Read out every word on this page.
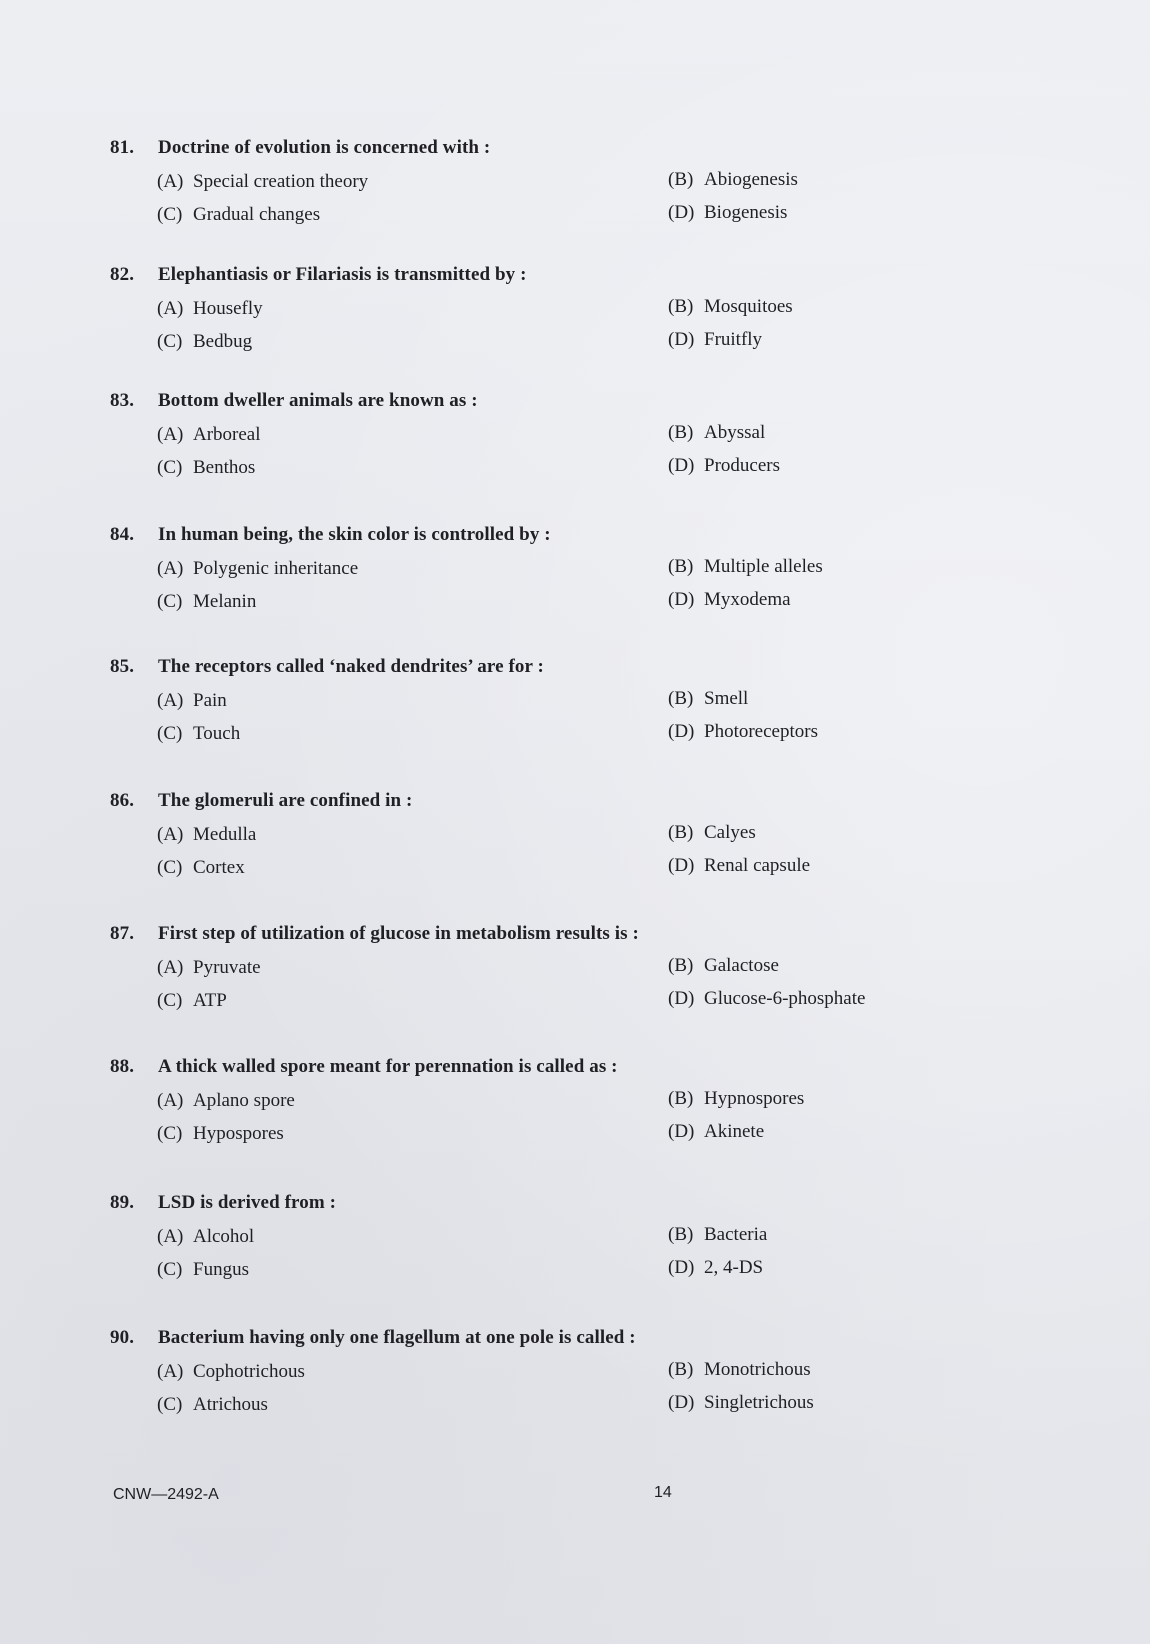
81. Doctrine of evolution is concerned with :
(A) Special creation theory	(B) Abiogenesis
(C) Gradual changes	(D) Biogenesis
82. Elephantiasis or Filariasis is transmitted by :
(A) Housefly	(B) Mosquitoes
(C) Bedbug	(D) Fruitfly
83. Bottom dweller animals are known as :
(A) Arboreal	(B) Abyssal
(C) Benthos	(D) Producers
84. In human being, the skin color is controlled by :
(A) Polygenic inheritance	(B) Multiple alleles
(C) Melanin	(D) Myxodema
85. The receptors called ‘naked dendrites’ are for :
(A) Pain	(B) Smell
(C) Touch	(D) Photoreceptors
86. The glomeruli are confined in :
(A) Medulla	(B) Calyes
(C) Cortex	(D) Renal capsule
87. First step of utilization of glucose in metabolism results is :
(A) Pyruvate	(B) Galactose
(C) ATP	(D) Glucose-6-phosphate
88. A thick walled spore meant for perennation is called as :
(A) Aplano spore	(B) Hypnospores
(C) Hypospores	(D) Akinete
89. LSD is derived from :
(A) Alcohol	(B) Bacteria
(C) Fungus	(D) 2, 4-DS
90. Bacterium having only one flagellum at one pole is called :
(A) Cophotrichous	(B) Monotrichous
(C) Atrichous	(D) Singletrichous
CNW—2492-A	14
